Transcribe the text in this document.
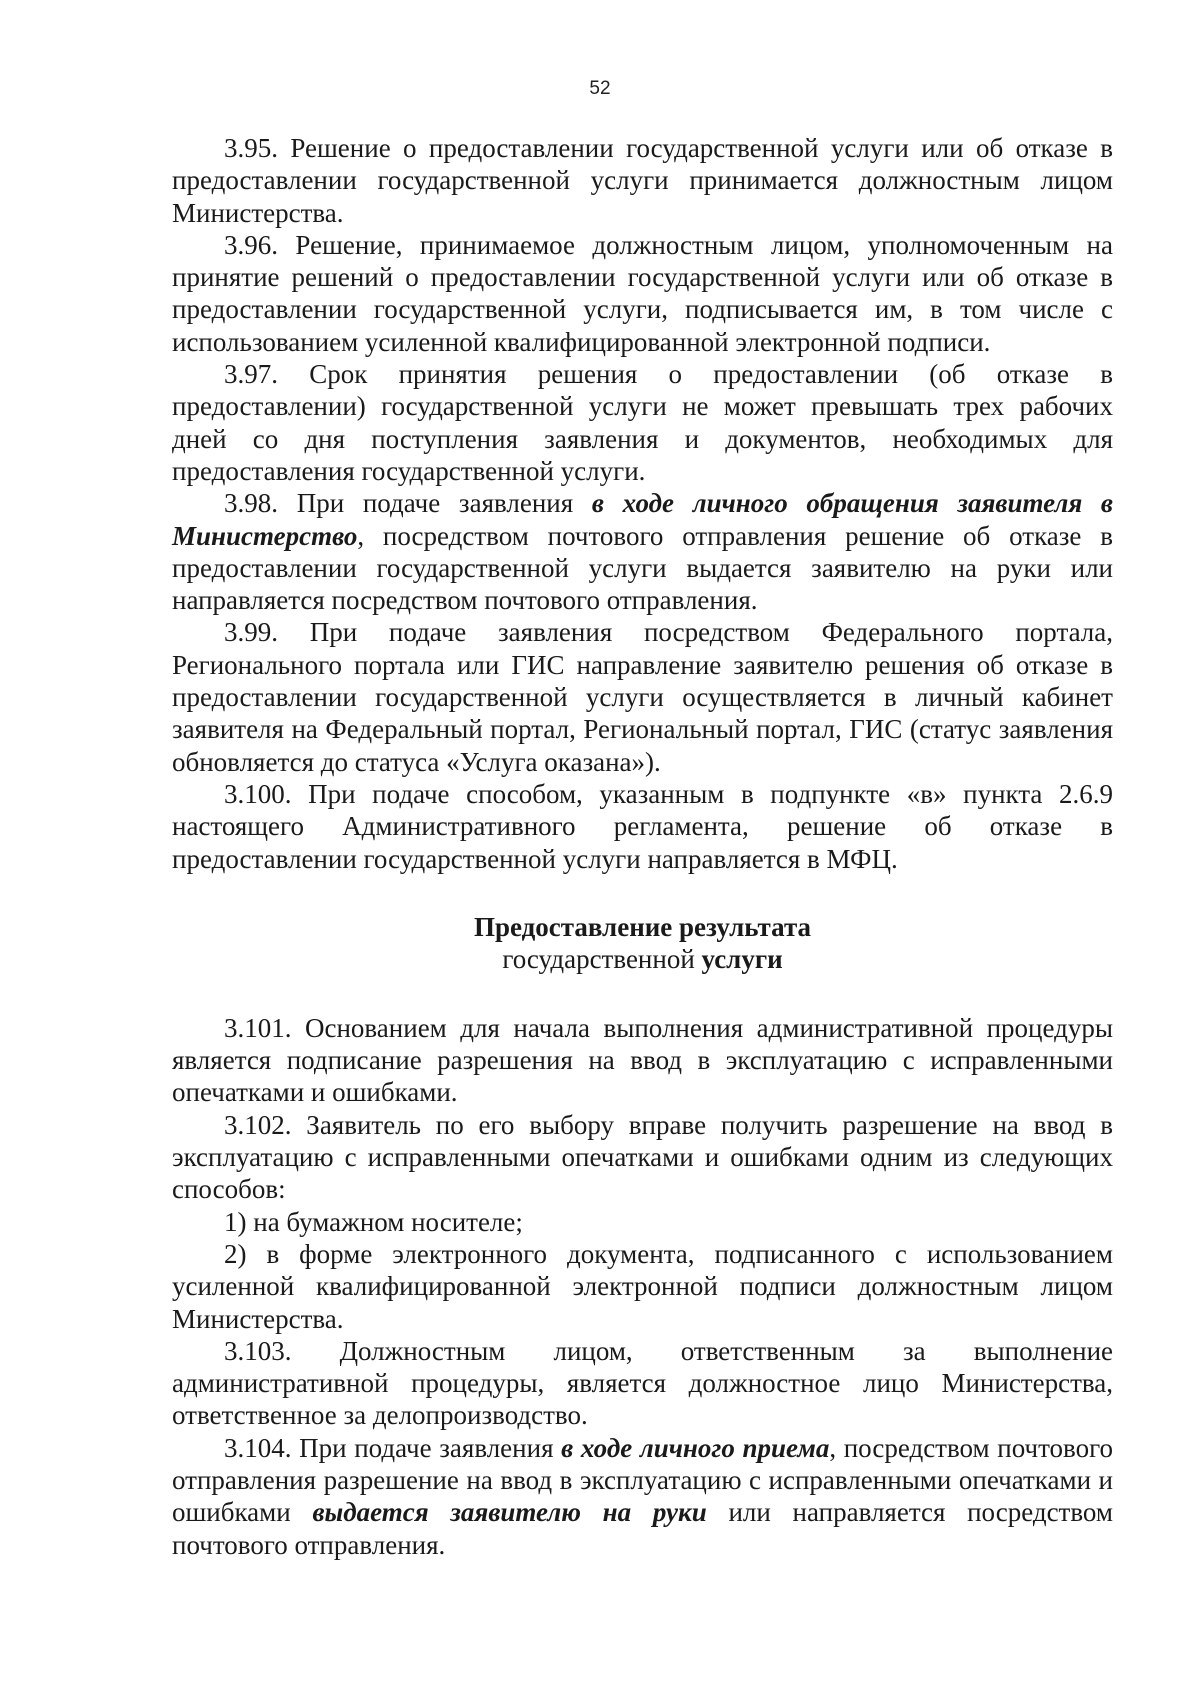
52

3.95. Решение о предоставлении государственной услуги или об отказе в предоставлении государственной услуги принимается должностным лицом Министерства.

3.96. Решение, принимаемое должностным лицом, уполномоченным на принятие решений о предоставлении государственной услуги или об отказе в предоставлении государственной услуги, подписывается им, в том числе с использованием усиленной квалифицированной электронной подписи.

3.97. Срок принятия решения о предоставлении (об отказе в предоставлении) государственной услуги не может превышать трех рабочих дней со дня поступления заявления и документов, необходимых для предоставления государственной услуги.

3.98. При подаче заявления в ходе личного обращения заявителя в Министерство, посредством почтового отправления решение об отказе в предоставлении государственной услуги выдается заявителю на руки или направляется посредством почтового отправления.

3.99. При подаче заявления посредством Федерального портала, Регионального портала или ГИС направление заявителю решения об отказе в предоставлении государственной услуги осуществляется в личный кабинет заявителя на Федеральный портал, Региональный портал, ГИС (статус заявления обновляется до статуса «Услуга оказана»).

3.100. При подаче способом, указанным в подпункте «в» пункта 2.6.9 настоящего Административного регламента, решение об отказе в предоставлении государственной услуги направляется в МФЦ.

Предоставление результата
государственной услуги

3.101. Основанием для начала выполнения административной процедуры является подписание разрешения на ввод в эксплуатацию с исправленными опечатками и ошибками.

3.102. Заявитель по его выбору вправе получить разрешение на ввод в эксплуатацию с исправленными опечатками и ошибками одним из следующих способов:

1) на бумажном носителе;

2) в форме электронного документа, подписанного с использованием усиленной квалифицированной электронной подписи должностным лицом Министерства.

3.103. Должностным лицом, ответственным за выполнение административной процедуры, является должностное лицо Министерства, ответственное за делопроизводство.

3.104. При подаче заявления в ходе личного приема, посредством почтового отправления разрешение на ввод в эксплуатацию с исправленными опечатками и ошибками выдается заявителю на руки или направляется посредством почтового отправления.
